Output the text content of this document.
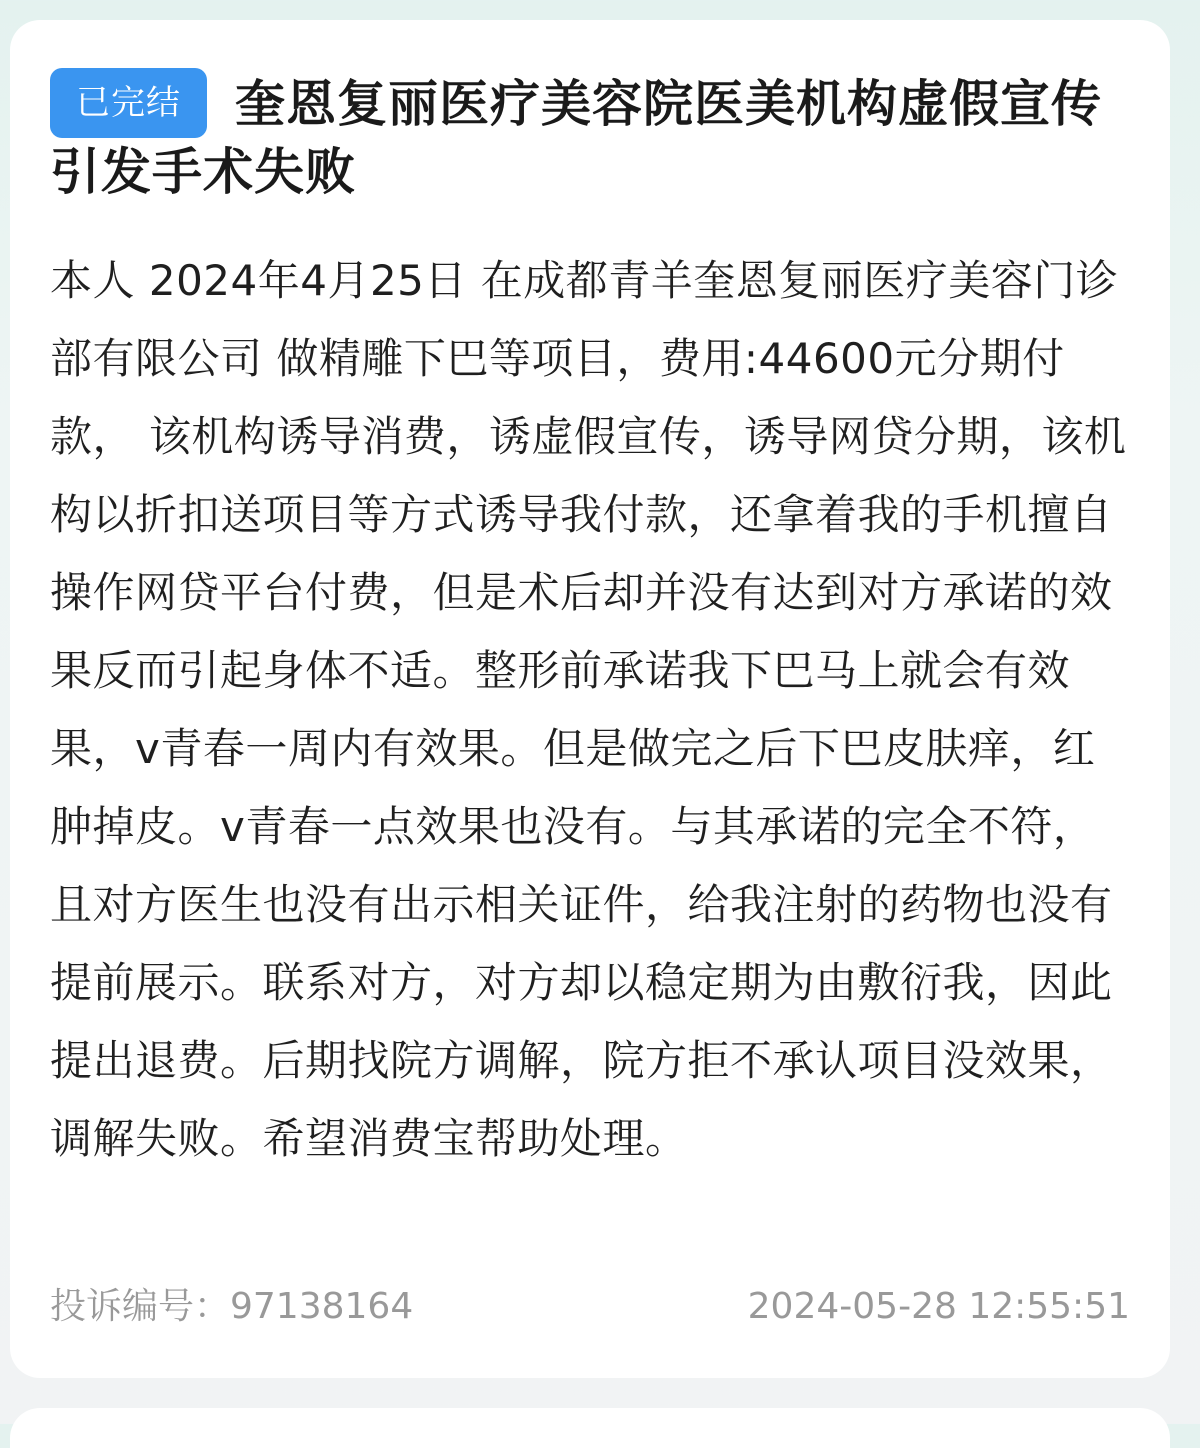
已完结 奎恩复丽医疗美容院医美机构虚假宣传引发手术失败
本人 2024年4月25日 在成都青羊奎恩复丽医疗美容门诊部有限公司 做精雕下巴等项目，费用:44600元分期付款， 该机构诱导消费，诱虚假宣传，诱导网贷分期，该机构以折扣送项目等方式诱导我付款，还拿着我的手机擅自操作网贷平台付费，但是术后却并没有达到对方承诺的效果反而引起身体不适。整形前承诺我下巴马上就会有效果，v青春一周内有效果。但是做完之后下巴皮肤痒，红肿掉皮。v青春一点效果也没有。与其承诺的完全不符，且对方医生也没有出示相关证件，给我注射的药物也没有提前展示。联系对方，对方却以稳定期为由敷衍我，因此提出退费。后期找院方调解，院方拒不承认项目没效果，调解失败。希望消费宝帮助处理。
投诉编号：97138164	2024-05-28 12:55:51
